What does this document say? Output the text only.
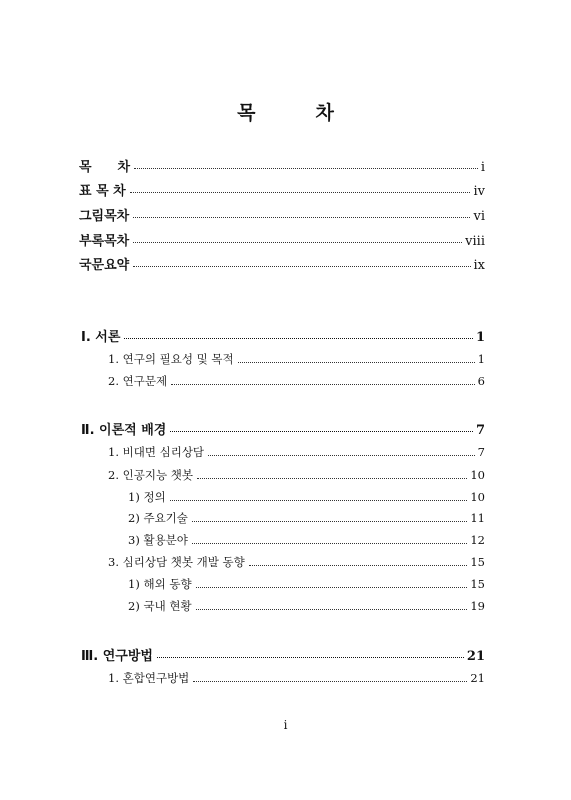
목	차
목　　차	i
표 목 차	iv
그림목차	vi
부록목차	viii
국문요약	ix
Ⅰ. 서론	1
1. 연구의 필요성 및 목적	1
2. 연구문제	6
Ⅱ. 이론적 배경	7
1. 비대면 심리상담	7
2. 인공지능 챗봇	10
1) 정의	10
2) 주요기술	11
3) 활용분야	12
3. 심리상담 챗봇 개발 동향	15
1) 해외 동향	15
2) 국내 현황	19
Ⅲ. 연구방법	21
1. 혼합연구방법	21
i
